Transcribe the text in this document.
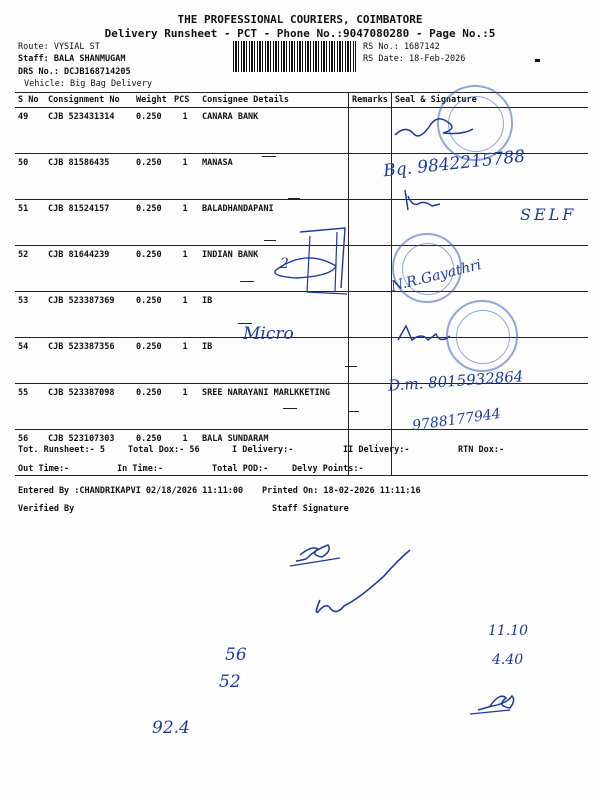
THE PROFESSIONAL COURIERS, COIMBATORE
Delivery Runsheet - PCT - Phone No.:9047080280 - Page No.:5
Route: VYSIAL ST
Staff: BALA SHANMUGAM
DRS No.: DCJB168714205
Vehicle: Big Bag Delivery
RS No.: 1687142
RS Date: 18-Feb-2026
S No	Consignment No	Weight	PCS	Consignee Details	Remarks	Seal & Signature
49	CJB 523431314	0.250	1	CANARA BANK		
50	CJB 81586435	0.250	1	MANASA		
51	CJB 81524157	0.250	1	BALADHANDAPANI		
52	CJB 81644239	0.250	1	INDIAN BANK		
53	CJB 523387369	0.250	1	IB		
54	CJB 523387356	0.250	1	IB		
55	CJB 523387098	0.250	1	SREE NARAYANI MARLKKETING		
56	CJB 523107303	0.250	1	BALA SUNDARAM		
Tot. Runsheet:- 5	Total Dox:- 56	I Delivery:-	II Delivery:-	RTN Dox:-
Out Time:-	In Time:-	Total POD:-	Delvy Points:-
Entered By :CHANDRIKAPVI 02/18/2026 11:11:00 Printed On: 18-02-2026 11:11:16
Verified By	Staff Signature
Bq. 9842215788
SELF
2	N.R.Gayathri
Micro
D.m. 8015932864
9788177944
56
52
92.4
11.10
4.40
